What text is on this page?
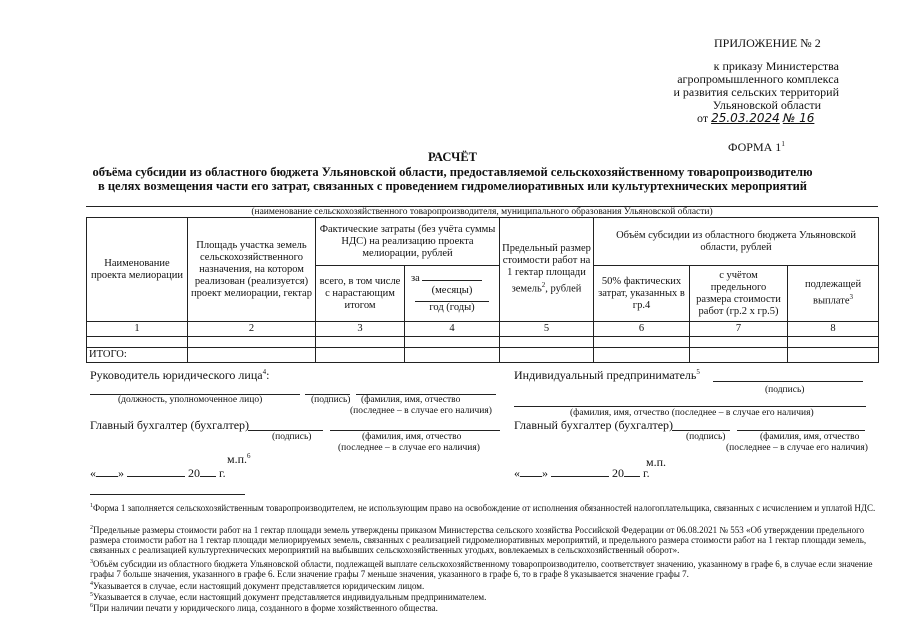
ПРИЛОЖЕНИЕ № 2
к приказу Министерства
агропромышленного комплекса
и развития сельских территорий
Ульяновской области
от 25.03.2024 № 16
ФОРМА $1^1$
РАСЧЁТ
объёма субсидии из областного бюджета Ульяновской области, предоставляемой сельскохозяйственному товаропроизводителю
в целях возмещения части его затрат, связанных с проведением гидромелиоративных или культуртехнических мероприятий
(наименование сельскохозяйственного товаропроизводителя, муниципального образования Ульяновской области)
Наименование проекта мелиорации	Площадь участка земель сельскохозяйственного назначения, на котором реализован (реализуется) проект мелиорации, гектар	Фактические затраты (без учёта суммы НДС) на реализацию проекта мелиорации, рублей		Предельный размер стоимости работ на 1 гектар площади земель$^2$, рублей	Объём субсидии из областного бюджета Ульяновской области, рублей		
		всего, в том числе с нарастающим итогом	за
(месяцы)
год (годы)		50% фактических затрат, указанных в гр.4	с учётом предельного размера стоимости работ (гр.2 x гр.5)	подлежащей выплате$^3$
1	2	3	4	5	6	7	8

ИТОГО:							
Руководитель юридического лица$^4$:
(должность, уполномоченное лицо)	(подпись) (фамилия, имя, отчество
(последнее – в случае его наличия)
Главный бухгалтер (бухгалтер)
(подпись)	(фамилия, имя, отчество
(последнее – в случае его наличия)
м.п.$^6$
« »	20 г.
Индивидуальный предприниматель$^5$
(подпись)
(фамилия, имя, отчество (последнее – в случае его наличия)
Главный бухгалтер (бухгалтер)
(подпись)	(фамилия, имя, отчество
(последнее – в случае его наличия)
м.п.
« »	20 г.
$^1$Форма 1 заполняется сельскохозяйственным товаропроизводителем, не использующим право на освобождение от исполнения обязанностей налогоплательщика, связанных с исчислением и уплатой НДС.
$^2$Предельные размеры стоимости работ на 1 гектар площади земель утверждены приказом Министерства сельского хозяйства Российской Федерации от 06.08.2021 № 553 «Об утверждении предельного размера стоимости работ на 1 гектар площади мелиорируемых земель, связанных с реализацией гидромелиоративных мероприятий, и предельного размера стоимости работ на 1 гектар площади земель, связанных с реализацией культуртехнических мероприятий на выбывших сельскохозяйственных угодьях, вовлекаемых в сельскохозяйственный оборот».
$^3$Объём субсидии из областного бюджета Ульяновской области, подлежащей выплате сельскохозяйственному товаропроизводителю, соответствует значению, указанному в графе 6, в случае если значение графы 7 больше значения, указанного в графе 6. Если значение графы 7 меньше значения, указанного в графе 6, то в графе 8 указывается значение графы 7.
$^4$Указывается в случае, если настоящий документ представляется юридическим лицом.
$^5$Указывается в случае, если настоящий документ представляется индивидуальным предпринимателем.
$^6$При наличии печати у юридического лица, созданного в форме хозяйственного общества.
